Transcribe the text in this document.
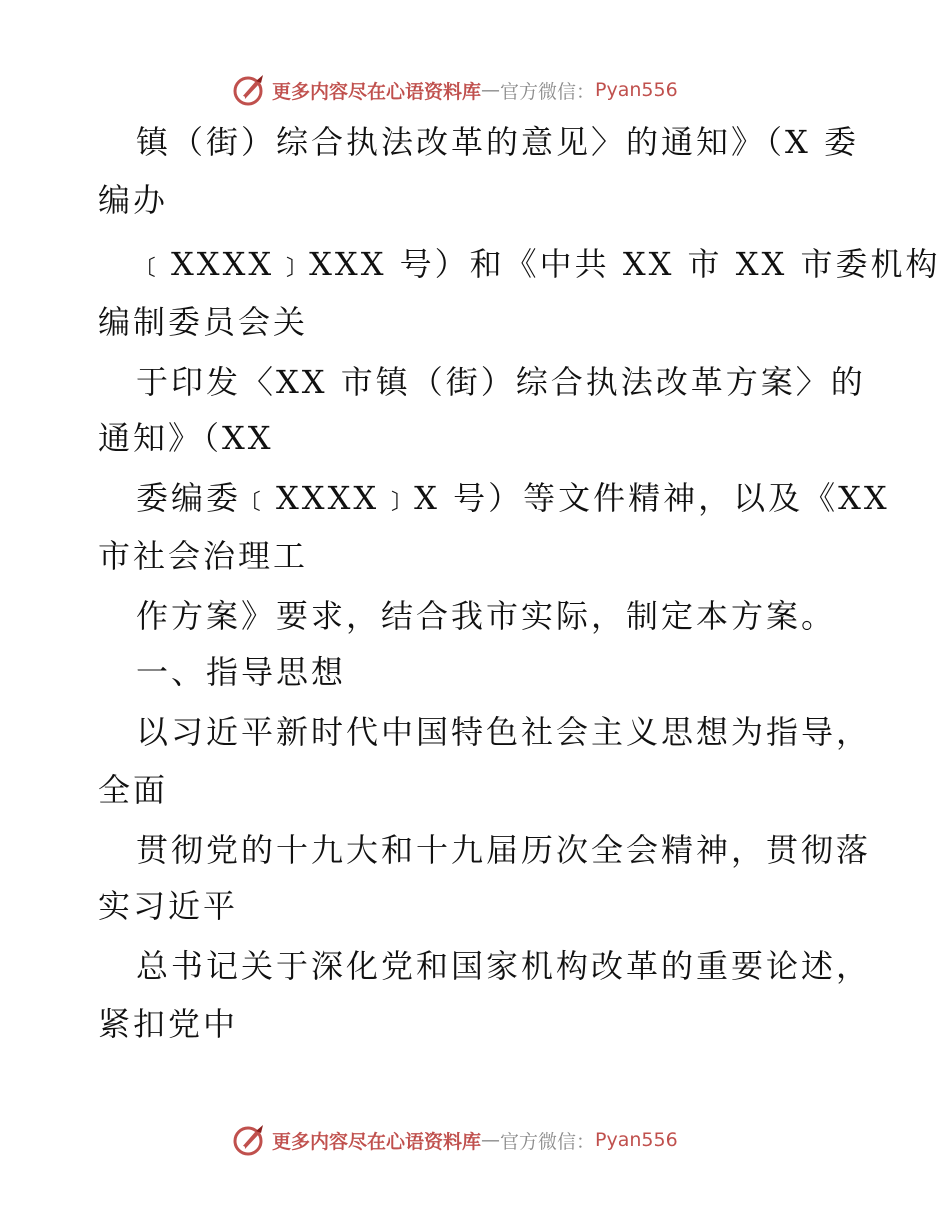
更多内容尽在心语资料库 — 官方微信： Pyan556
镇（街）综合执法改革的意见〉的通知》（X 委
编办
﹝XXXX﹞XXX 号）和《中共 XX 市 XX 市委机构
编制委员会关
于印发〈XX 市镇（街）综合执法改革方案〉的
通知》（XX
委编委﹝XXXX﹞X 号）等文件精神，以及《XX
市社会治理工
作方案》要求，结合我市实际，制定本方案。
一、指导思想
以习近平新时代中国特色社会主义思想为指导，
全面
贯彻党的十九大和十九届历次全会精神，贯彻落
实习近平
总书记关于深化党和国家机构改革的重要论述，
紧扣党中
更多内容尽在心语资料库 — 官方微信： Pyan556
